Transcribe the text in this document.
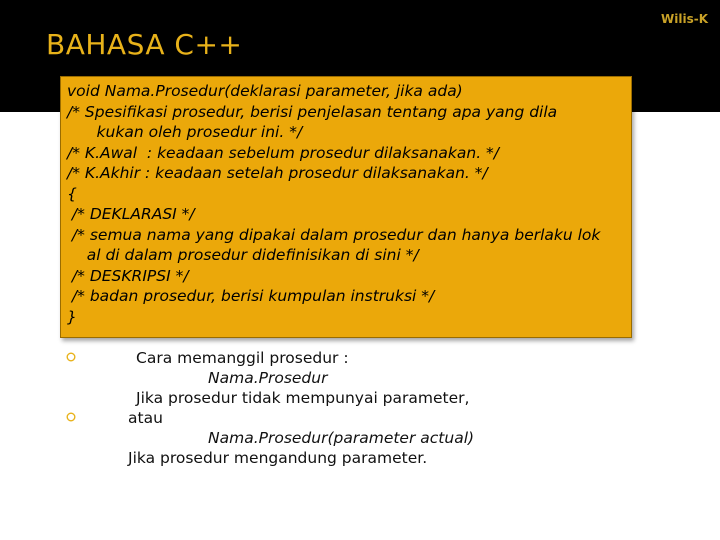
Wilis-K
BAHASA C++
void Nama.Prosedur(deklarasi parameter, jika ada)
/* Spesifikasi prosedur, berisi penjelasan tentang apa yang dila
kukan oleh prosedur ini. */
/* K.Awal  : keadaan sebelum prosedur dilaksanakan. */
/* K.Akhir : keadaan setelah prosedur dilaksanakan. */
{
/* DEKLARASI */
/* semua nama yang dipakai dalam prosedur dan hanya berlaku lok
al di dalam prosedur didefinisikan di sini */
/* DESKRIPSI */
/* badan prosedur, berisi kumpulan instruksi */
}
Cara memanggil prosedur :
Nama.Prosedur
Jika prosedur tidak mempunyai parameter,
atau
Nama.Prosedur(parameter actual)
Jika prosedur mengandung parameter.
